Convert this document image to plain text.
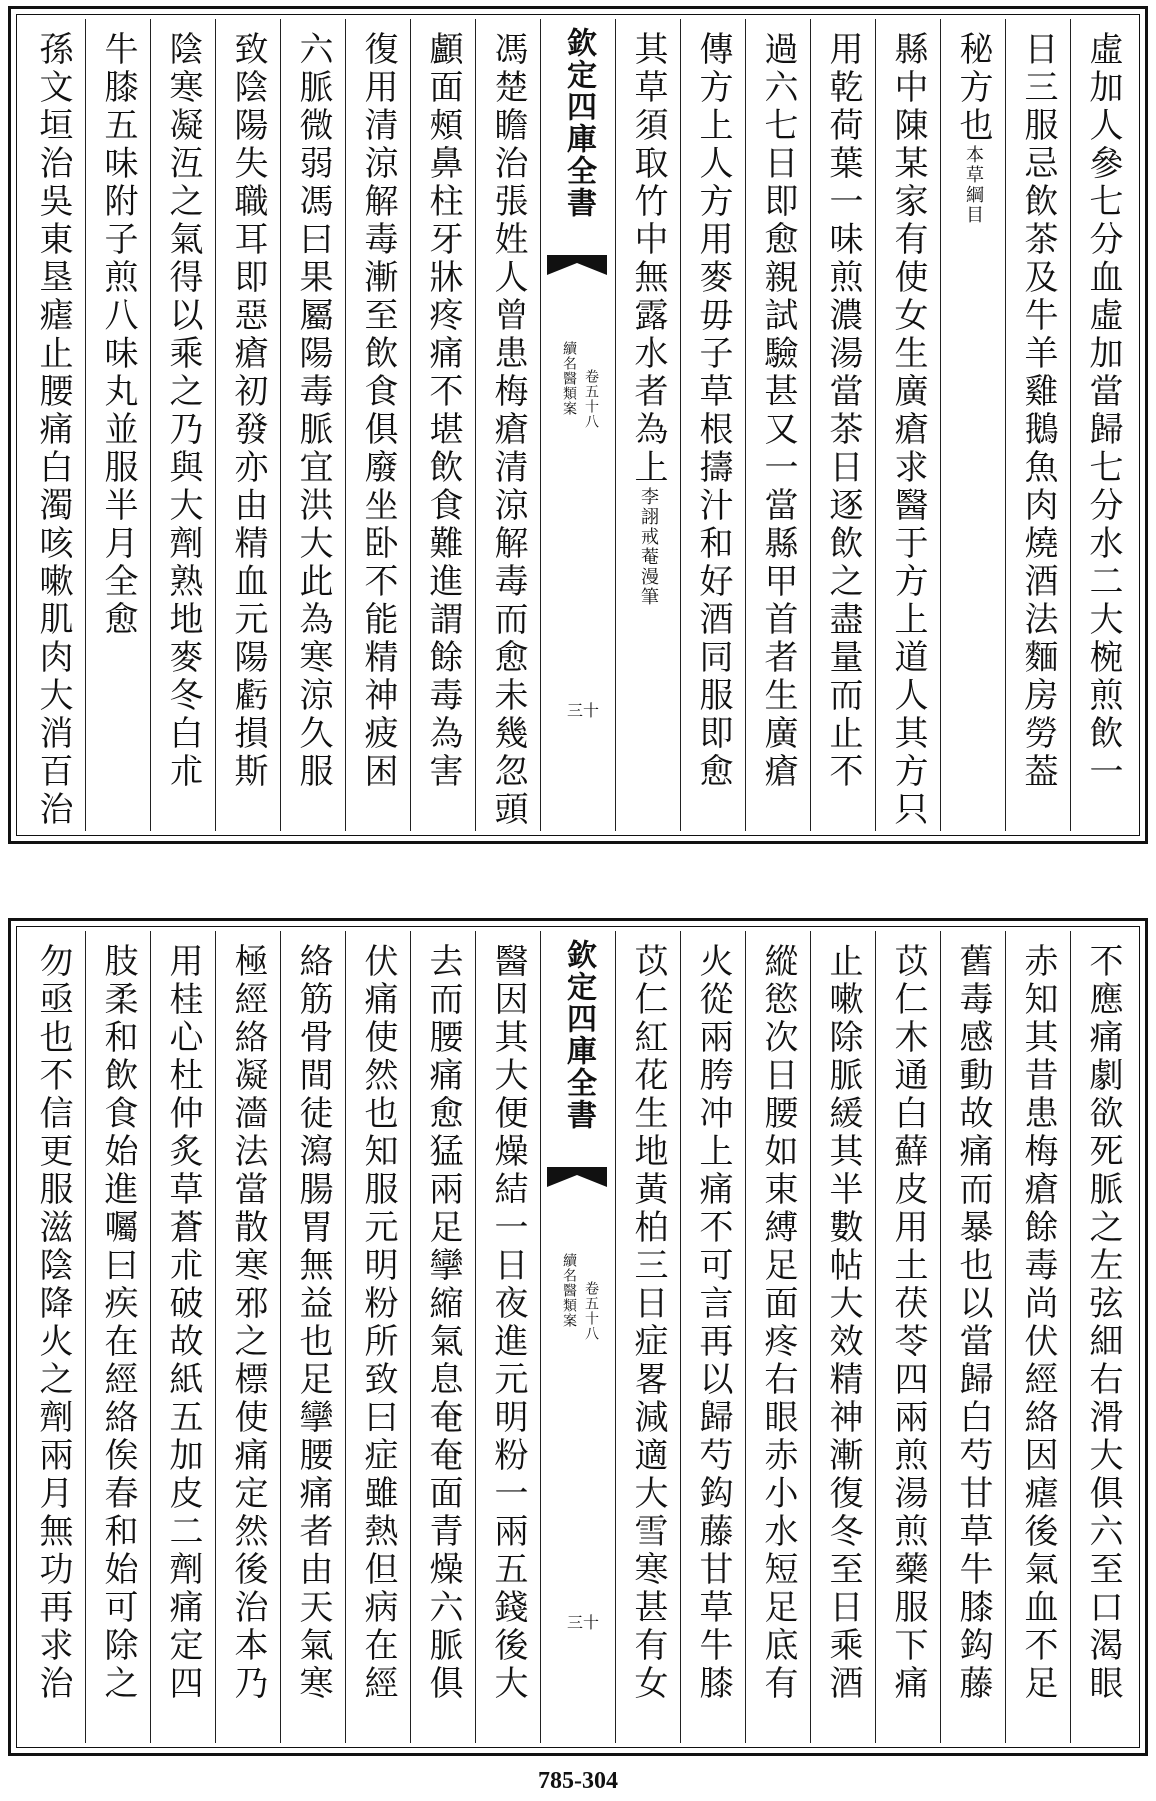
虛加人參七分血虛加當歸七分水二大椀煎飲一
日三服忌飲茶及牛羊雞鵝魚肉燒酒法麵房勞葢
秘方也本草綱目
縣中陳某家有使女生廣瘡求醫于方上道人其方只
用乾荷葉一味煎濃湯當茶日逐飲之盡量而止不
過六七日即愈親試驗甚又一當縣甲首者生廣瘡
傳方上人方用麥毋子草根擣汁和好酒同服即愈
其草須取竹中無露水者為上李詡戒菴漫筆
欽定四庫全書
續名醫類案 卷五十八
三十
馮楚瞻治張姓人曾患梅瘡清涼解毒而愈未幾忽頭
顱面頰鼻柱牙牀疼痛不堪飲食難進謂餘毒為害
復用清涼解毒漸至飲食俱廢坐卧不能精神疲困
六脈微弱馮曰果屬陽毒脈宜洪大此為寒涼久服
致陰陽失職耳即惡瘡初發亦由精血元陽虧損斯
陰寒凝沍之氣得以乘之乃與大劑熟地麥冬白朮
牛膝五味附子煎八味丸並服半月全愈
孫文垣治吳東垦瘧止腰痛白濁咳嗽肌肉大消百治
不應痛劇欲死脈之左弦細右滑大俱六至口渴眼
赤知其昔患梅瘡餘毒尚伏經絡因瘧後氣血不足
舊毒感動故痛而暴也以當歸白芍甘草牛膝鈎藤
苡仁木通白蘚皮用土茯苓四兩煎湯煎藥服下痛
止嗽除脈緩其半數帖大效精神漸復冬至日乘酒
縱慾次日腰如束縛足面疼右眼赤小水短足底有
火從兩胯冲上痛不可言再以歸芍鈎藤甘草牛膝
苡仁紅花生地黃柏三日症畧減適大雪寒甚有女
欽定四庫全書
續名醫類案 卷五十八
三十
醫因其大便燥結一日夜進元明粉一兩五錢後大
去而腰痛愈猛兩足攣縮氣息奄奄面青燥六脈俱
伏痛使然也知服元明粉所致曰症雖熱但病在經
絡筋骨間徒瀉腸胃無益也足攣腰痛者由天氣寒
極經絡凝濇法當散寒邪之標使痛定然後治本乃
用桂心杜仲炙草蒼朮破故紙五加皮二劑痛定四
肢柔和飲食始進囑曰疾在經絡俟春和始可除之
勿亟也不信更服滋陰降火之劑兩月無功再求治
785-304
